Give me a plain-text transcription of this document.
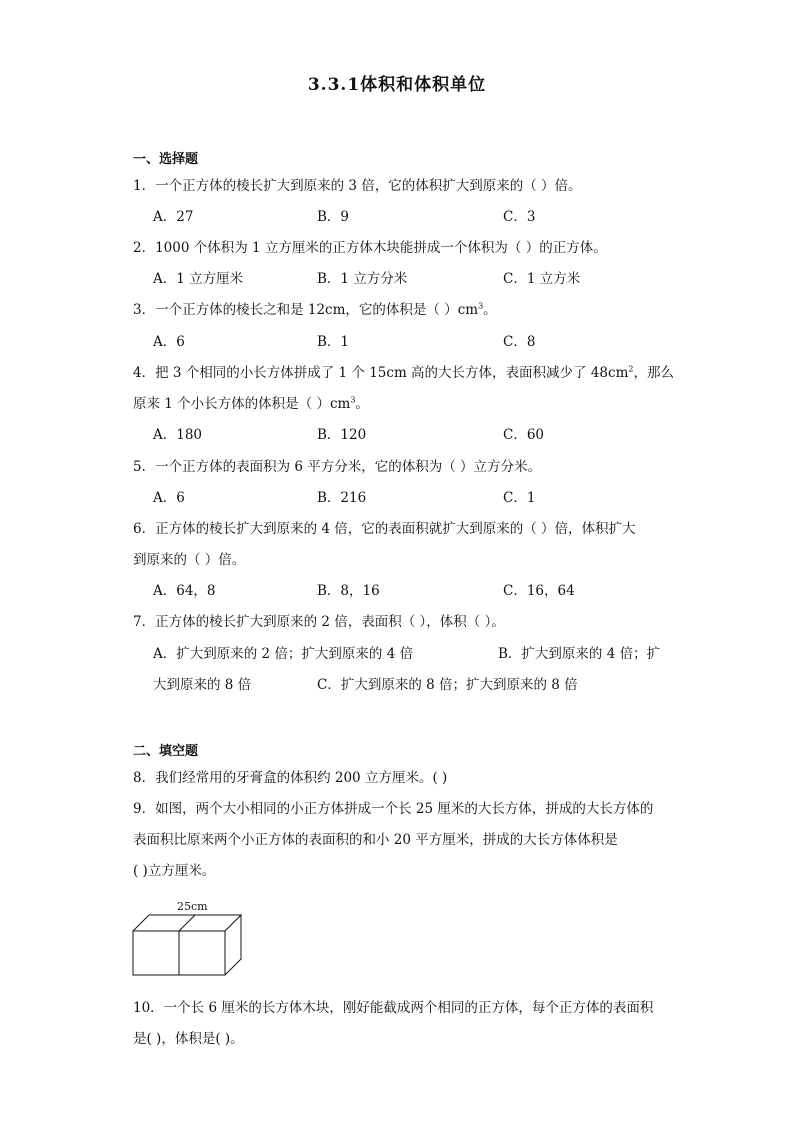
3.3.1体积和体积单位
一、选择题
1．一个正方体的棱长扩大到原来的 3 倍，它的体积扩大到原来的（ ）倍。
A．27	B．9	C．3
2．1000 个体积为 1 立方厘米的正方体木块能拼成一个体积为（ ）的正方体。
A．1 立方厘米	B．1 立方分米	C．1 立方米
3．一个正方体的棱长之和是 12cm，它的体积是（ ）$cm^3$。
A．6	B．1	C．8
4．把 3 个相同的小长方体拼成了 1 个 15cm 高的大长方体，表面积减少了 $48cm^2$，那么
原来 1 个小长方体的体积是（ ）$cm^3$。
A．180	B．120	C．60
5．一个正方体的表面积为 6 平方分米，它的体积为（ ）立方分米。
A．6	B．216	C．1
6．正方体的棱长扩大到原来的 4 倍，它的表面积就扩大到原来的（ ）倍，体积扩大
到原来的（ ）倍。
A．64，8	B．8，16	C．16，64
7．正方体的棱长扩大到原来的 2 倍，表面积（ ），体积（ ）。
A．扩大到原来的 2 倍；扩大到原来的 4 倍	B．扩大到原来的 4 倍；扩
大到原来的 8 倍	C．扩大到原来的 8 倍；扩大到原来的 8 倍
二、填空题
8．我们经常用的牙膏盒的体积约 200 立方厘米。( )
9．如图，两个大小相同的小正方体拼成一个长 25 厘米的大长方体，拼成的大长方体的
表面积比原来两个小正方体的表面积的和小 20 平方厘米，拼成的大长方体体积是
( )立方厘米。
25cm
10．一个长 6 厘米的长方体木块，刚好能截成两个相同的正方体，每个正方体的表面积
是( )，体积是( )。
